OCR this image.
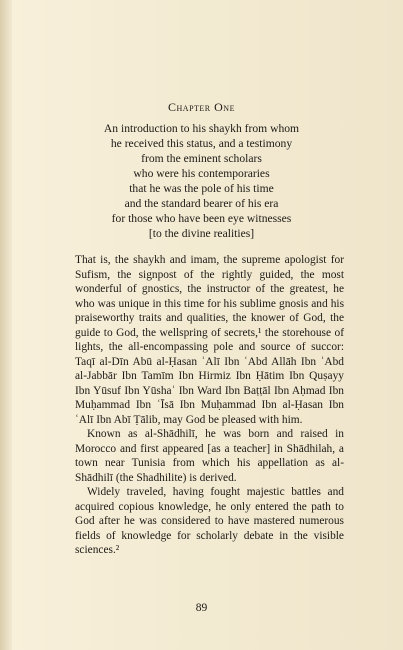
Chapter One
An introduction to his shaykh from whom
he received this status, and a testimony
from the eminent scholars
who were his contemporaries
that he was the pole of his time
and the standard bearer of his era
for those who have been eye witnesses
[to the divine realities]

That is, the shaykh and imam, the supreme apologist for Sufism, the signpost of the rightly guided, the most wonderful of gnostics, the instructor of the greatest, he who was unique in this time for his sublime gnosis and his praiseworthy traits and qualities, the knower of God, the guide to God, the wellspring of secrets,¹ the storehouse of lights, the all-encompassing pole and source of succor: Taqī al-Dīn Abū al-Ḥasan ʿAlī Ibn ʿAbd Allāh Ibn ʿAbd al-Jabbār Ibn Tamīm Ibn Hirmiz Ibn Ḥātim Ibn Quṣayy Ibn Yūsuf Ibn Yūshaʿ Ibn Ward Ibn Baṭṭāl Ibn Aḥmad Ibn Muḥammad Ibn ʿĪsā Ibn Muḥammad Ibn al-Ḥasan Ibn ʿAlī Ibn Abī Ṭālib, may God be pleased with him.

Known as al-Shādhilī, he was born and raised in Morocco and first appeared [as a teacher] in Shādhilah, a town near Tunisia from which his appellation as al-Shādhilī (the Shadhilite) is derived.

Widely traveled, having fought majestic battles and acquired copious knowledge, he only entered the path to God after he was considered to have mastered numerous fields of knowledge for scholarly debate in the visible sciences.²

89
